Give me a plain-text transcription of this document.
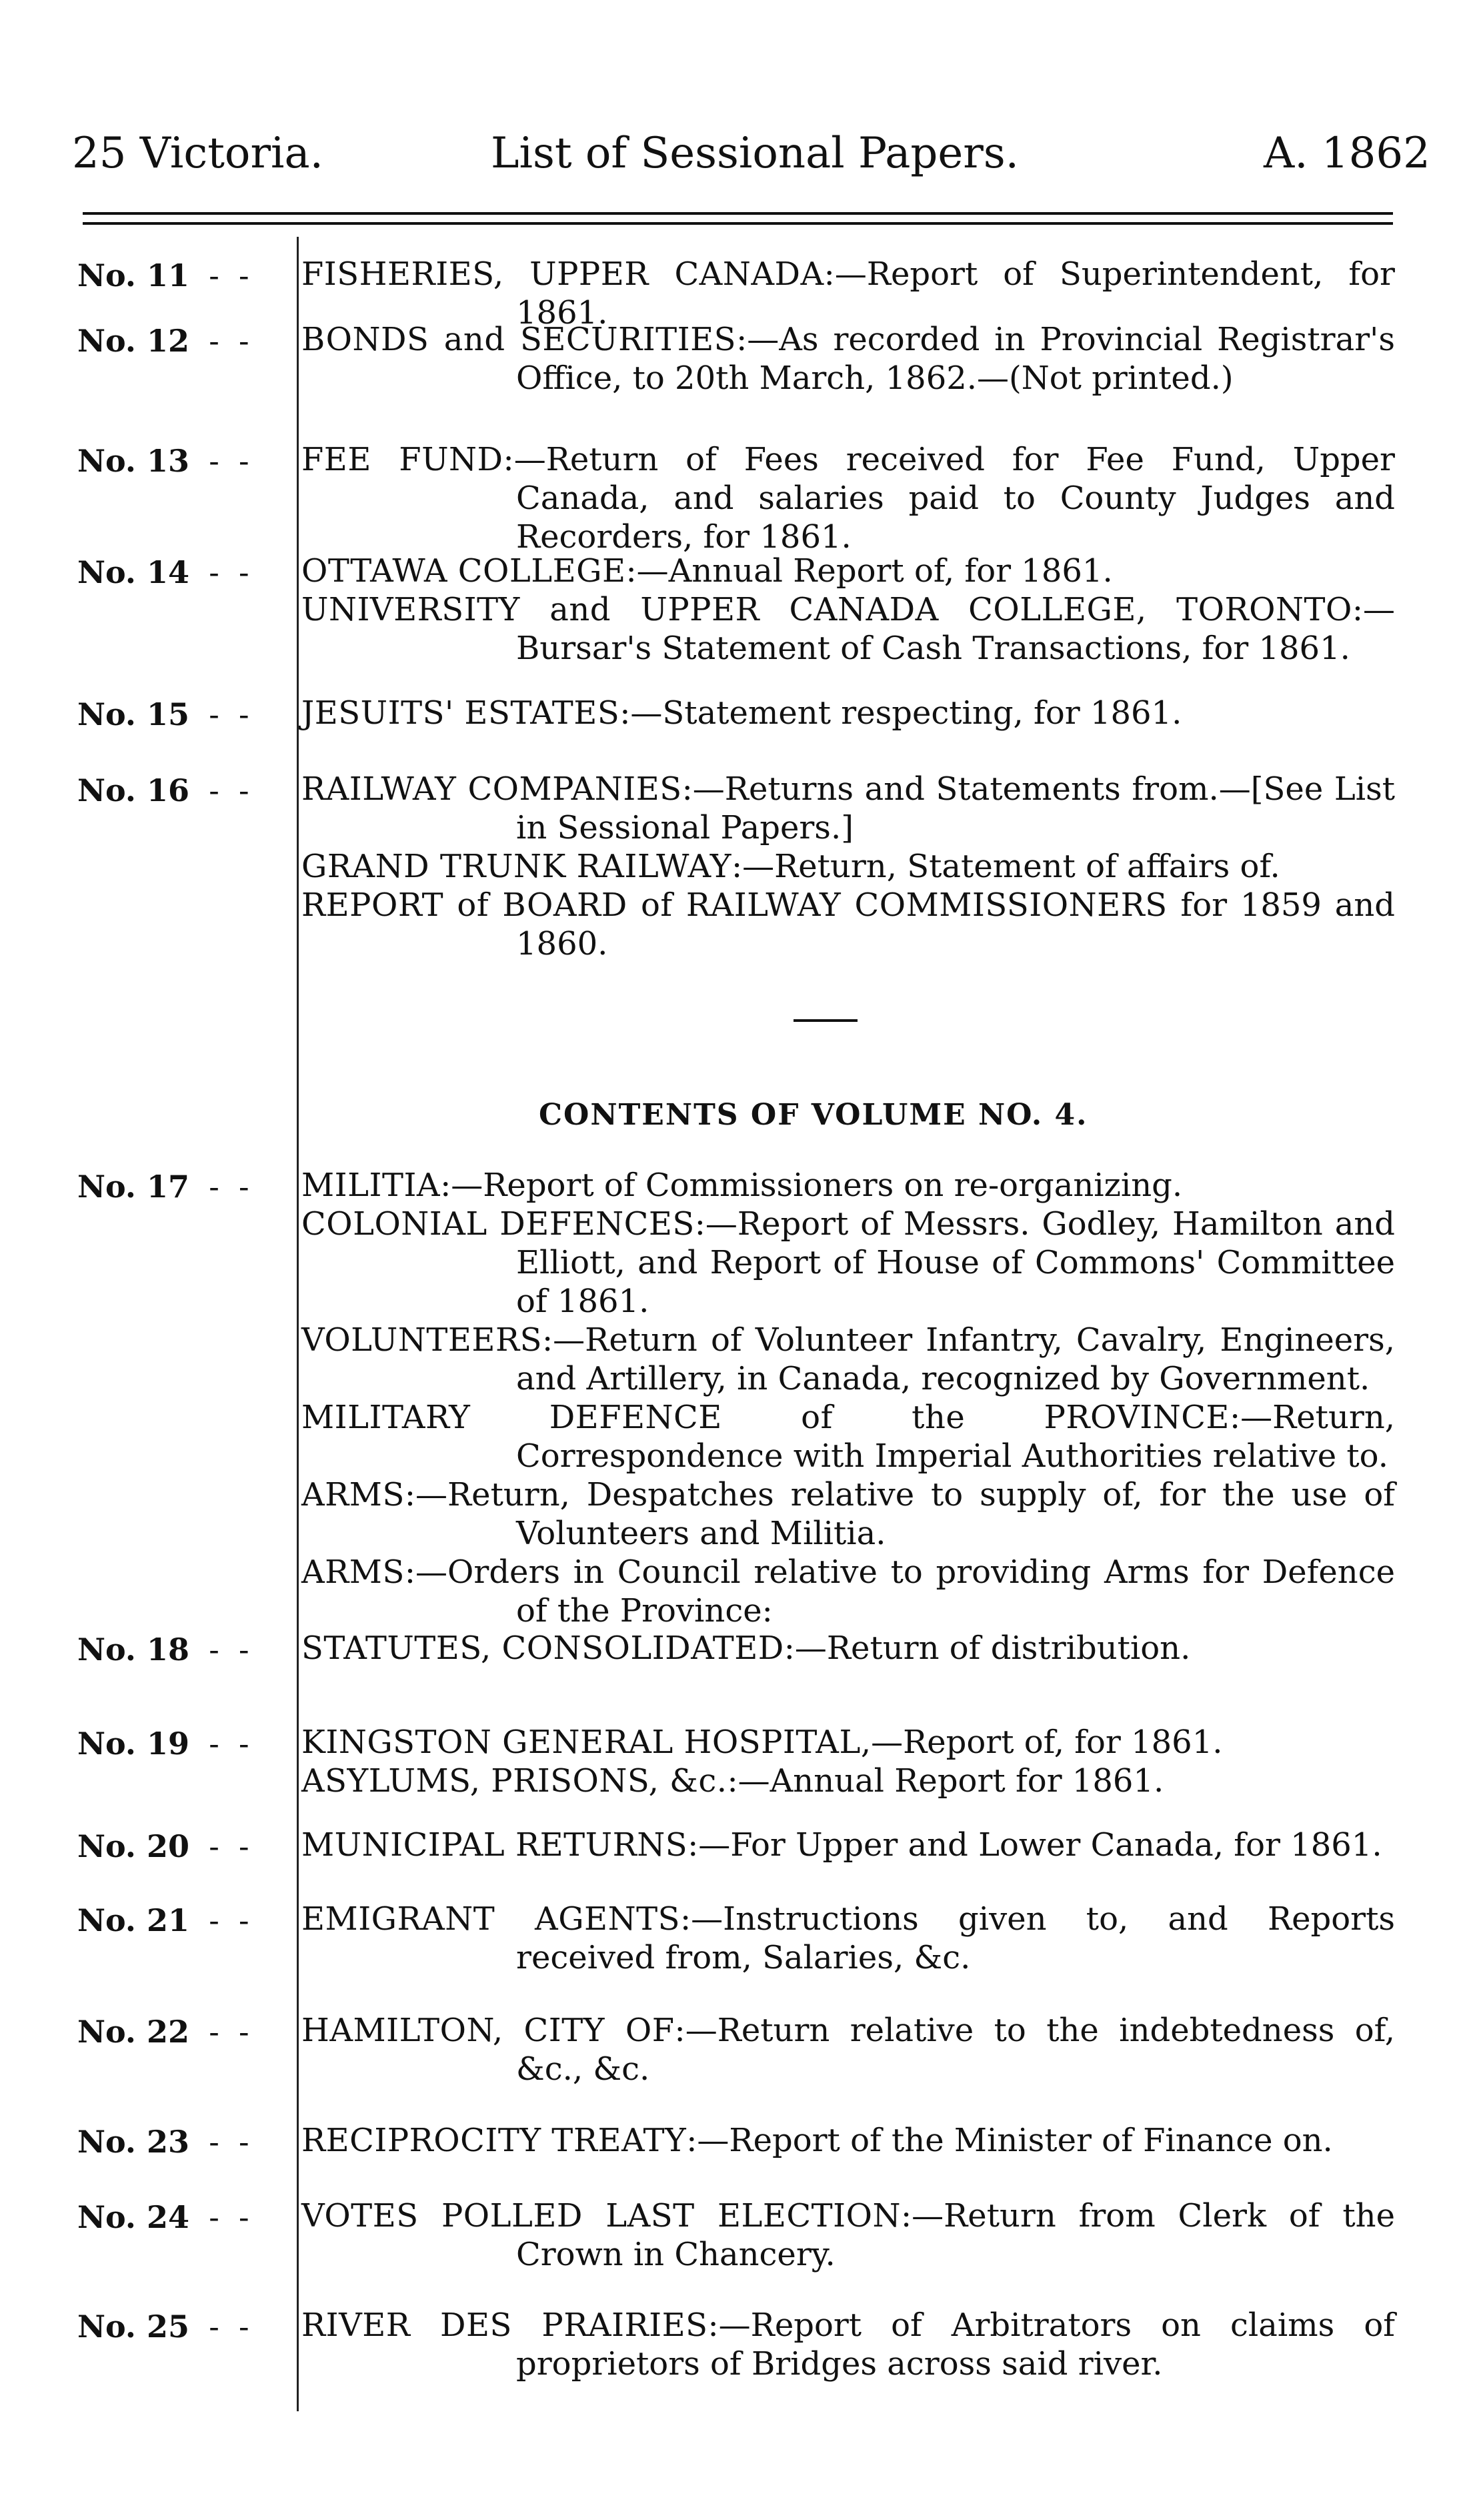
25 Victoria.	List of Sessional Papers.	A. 1862
No. 11  -  -	FISHERIES, UPPER CANADA:—Report of Superintendent, for 1861.

No. 12  -  -	BONDS and SECURITIES:—As recorded in Provincial Registrar's Office, to 20th March, 1862.—(Not printed.)

No. 13  -  -	FEE FUND:—Return of Fees received for Fee Fund, Upper Canada, and salaries paid to County Judges and Recorders, for 1861.

No. 14  -  -	OTTAWA COLLEGE:—Annual Report of, for 1861.

UNIVERSITY and UPPER CANADA COLLEGE, TORONTO:—Bursar's Statement of Cash Transactions, for 1861.

No. 15  -  -	JESUITS' ESTATES:—Statement respecting, for 1861.

No. 16  -  -	RAILWAY COMPANIES:—Returns and Statements from.—[See List in Sessional Papers.]

GRAND TRUNK RAILWAY:—Return, Statement of affairs of.

REPORT of BOARD of RAILWAY COMMISSIONERS for 1859 and 1860.

CONTENTS OF VOLUME NO. 4.
No. 17  -  -	MILITIA:—Report of Commissioners on re-organizing.

COLONIAL DEFENCES:—Report of Messrs. Godley, Hamilton and Elliott, and Report of House of Commons' Committee of 1861.

VOLUNTEERS:—Return of Volunteer Infantry, Cavalry, Engineers, and Artillery, in Canada, recognized by Government.

MILITARY DEFENCE of the PROVINCE:—Return, Correspondence with Imperial Authorities relative to.

ARMS:—Return, Despatches relative to supply of, for the use of Volunteers and Militia.

ARMS:—Orders in Council relative to providing Arms for Defence of the Province:

No. 18  -  -	STATUTES, CONSOLIDATED:—Return of distribution.

No. 19  -  -	KINGSTON GENERAL HOSPITAL,—Report of, for 1861.

ASYLUMS, PRISONS, &c.:—Annual Report for 1861.

No. 20  -  -	MUNICIPAL RETURNS:—For Upper and Lower Canada, for 1861.

No. 21  -  -	EMIGRANT AGENTS:—Instructions given to, and Reports received from, Salaries, &c.

No. 22  -  -	HAMILTON, CITY OF:—Return relative to the indebtedness of, &c., &c.

No. 23  -  -	RECIPROCITY TREATY:—Report of the Minister of Finance on.

No. 24  -  -	VOTES POLLED LAST ELECTION:—Return from Clerk of the Crown in Chancery.

No. 25  -  -	RIVER DES PRAIRIES:—Report of Arbitrators on claims of proprietors of Bridges across said river.
